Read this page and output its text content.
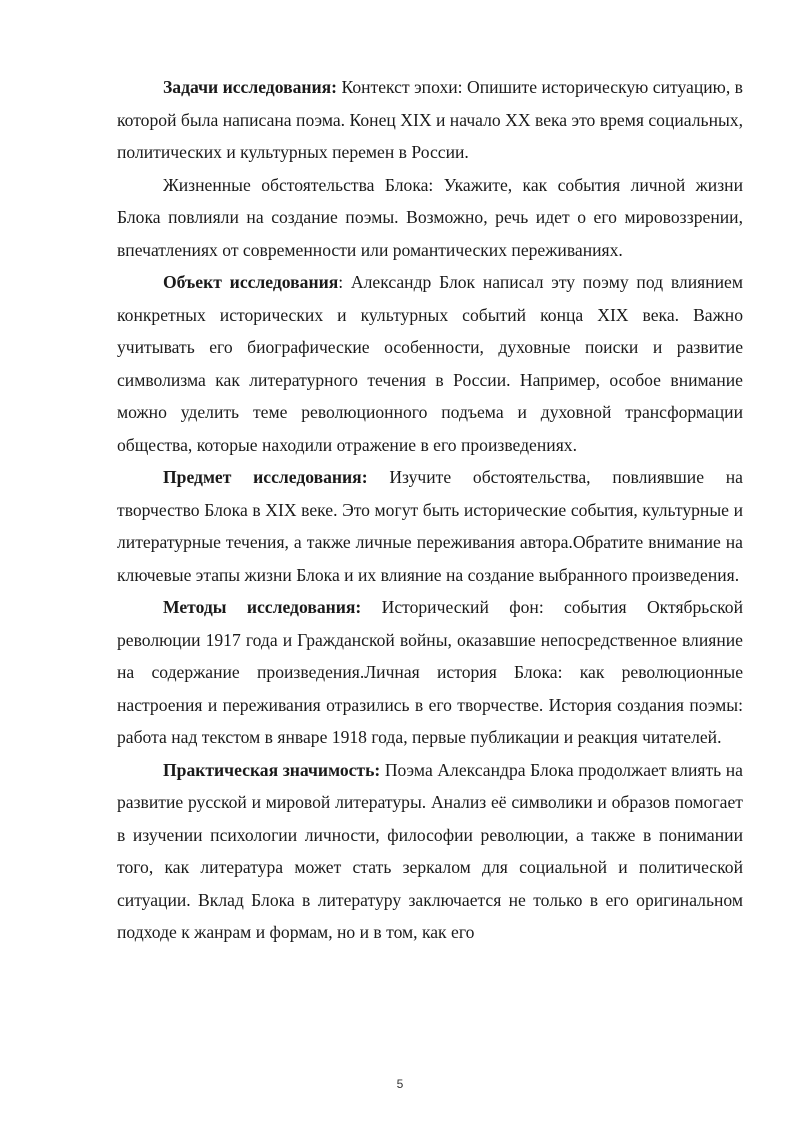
Задачи исследования: Контекст эпохи: Опишите историческую ситуацию, в которой была написана поэма. Конец XIX и начало XX века это время социальных, политических и культурных перемен в России.

Жизненные обстоятельства Блока: Укажите, как события личной жизни Блока повлияли на создание поэмы. Возможно, речь идет о его мировоззрении, впечатлениях от современности или романтических переживаниях.

Объект исследования: Александр Блок написал эту поэму под влиянием конкретных исторических и культурных событий конца XIX века. Важно учитывать его биографические особенности, духовные поиски и развитие символизма как литературного течения в России. Например, особое внимание можно уделить теме революционного подъема и духовной трансформации общества, которые находили отражение в его произведениях.

Предмет исследования: Изучите обстоятельства, повлиявшие на творчество Блока в XIX веке. Это могут быть исторические события, культурные и литературные течения, а также личные переживания автора.Обратите внимание на ключевые этапы жизни Блока и их влияние на создание выбранного произведения.

Методы исследования: Исторический фон: события Октябрьской революции 1917 года и Гражданской войны, оказавшие непосредственное влияние на содержание произведения.Личная история Блока: как революционные настроения и переживания отразились в его творчестве. История создания поэмы: работа над текстом в январе 1918 года, первые публикации и реакция читателей.

Практическая значимость: Поэма Александра Блока продолжает влиять на развитие русской и мировой литературы. Анализ её символики и образов помогает в изучении психологии личности, философии революции, а также в понимании того, как литература может стать зеркалом для социальной и политической ситуации. Вклад Блока в литературу заключается не только в его оригинальном подходе к жанрам и формам, но и в том, как его

5
